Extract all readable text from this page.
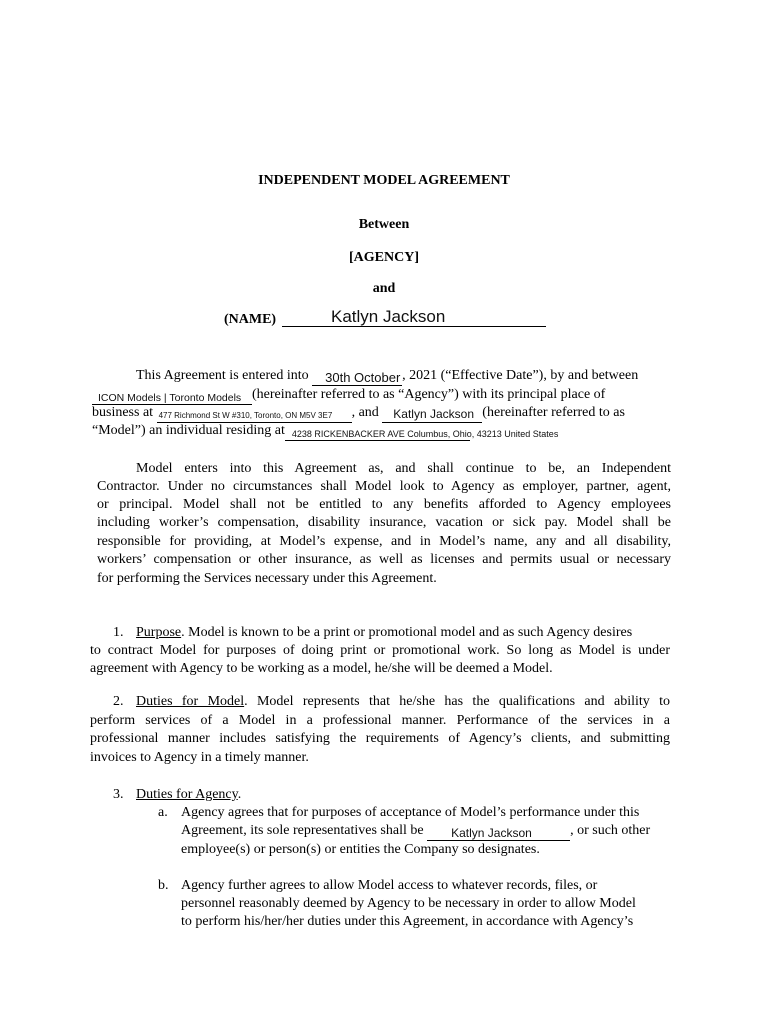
INDEPENDENT MODEL AGREEMENT
Between
[AGENCY]
and
(NAME)	Katlyn Jackson
This Agreement is entered into 30th October , 2021 (“Effective Date”), by and between
ICON Models | Toronto Models (hereinafter referred to as “Agency”) with its principal place of
business at 477 Richmond St W #310, Toronto, ON M5V 3E7 , and Katlyn Jackson (hereinafter referred to as
“Model”) an individual residing at 4238 RICKENBACKER AVE Columbus, Ohio, 43213 United States

Model enters into this Agreement as, and shall continue to be, an Independent
Contractor. Under no circumstances shall Model look to Agency as employer, partner, agent,
or principal. Model shall not be entitled to any benefits afforded to Agency employees
including worker’s compensation, disability insurance, vacation or sick pay. Model shall be
responsible for providing, at Model’s expense, and in Model’s name, any and all disability,
workers’ compensation or other insurance, as well as licenses and permits usual or necessary
for performing the Services necessary under this Agreement.
1. Purpose. Model is known to be a print or promotional model and as such Agency desires
to contract Model for purposes of doing print or promotional work. So long as Model is under
agreement with Agency to be working as a model, he/she will be deemed a Model.
2. Duties for Model. Model represents that he/she has the qualifications and ability to
perform services of a Model in a professional manner. Performance of the services in a
professional manner includes satisfying the requirements of Agency’s clients, and submitting
invoices to Agency in a timely manner.
3. Duties for Agency.
a. Agency agrees that for purposes of acceptance of Model’s performance under this
Agreement, its sole representatives shall be Katlyn Jackson	, or such other
employee(s) or person(s) or entities the Company so designates.
b. Agency further agrees to allow Model access to whatever records, files, or
personnel reasonably deemed by Agency to be necessary in order to allow Model
to perform his/her/her duties under this Agreement, in accordance with Agency’s
